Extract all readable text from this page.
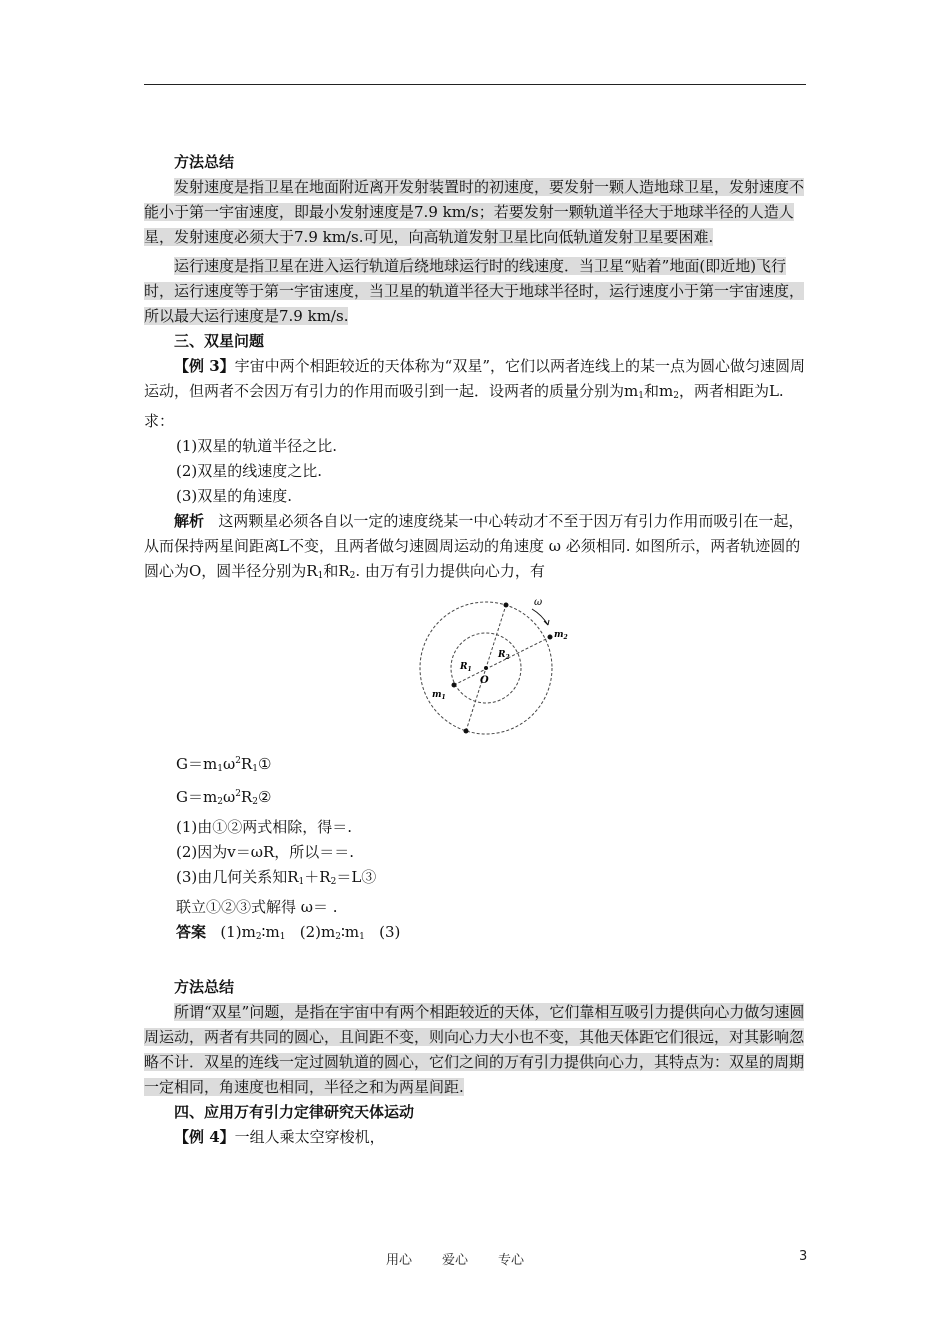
方法总结

发射速度是指卫星在地面附近离开发射装置时的初速度，要发射一颗人造地球卫星，发射速度不能小于第一宇宙速度，即最小发射速度是7.9 km/s；若要发射一颗轨道半径大于地球半径的人造人星，发射速度必须大于7.9 km/s.可见，向高轨道发射卫星比向低轨道发射卫星要困难.

运行速度是指卫星在进入运行轨道后绕地球运行时的线速度．当卫星“贴着”地面(即近地)飞行时，运行速度等于第一宇宙速度，当卫星的轨道半径大于地球半径时，运行速度小于第一宇宙速度，所以最大运行速度是7.9 km/s.

三、双星问题

【例 3】宇宙中两个相距较近的天体称为“双星”，它们以两者连线上的某一点为圆心做匀速圆周运动，但两者不会因万有引力的作用而吸引到一起．设两者的质量分别为$m_1$和$m_2$，两者相距为L.求：

(1)双星的轨道半径之比.

(2)双星的线速度之比.

(3)双星的角速度.

解析 这两颗星必须各自以一定的速度绕某一中心转动才不至于因万有引力作用而吸引在一起，从而保持两星间距离L不变，且两者做匀速圆周运动的角速度 ω 必须相同. 如图所示，两者轨迹圆的圆心为O，圆半径分别为$R_1$和$R_2$. 由万有引力提供向心力，有

ω
$m_2$
$m_1$
$R_1$
$R_2$
O

$G=m_1\omega^2R_1①$

$G=m_2\omega^2R_2②$

(1)由①②两式相除，得＝.

(2)因为v＝ωR，所以＝＝.

(3)由几何关系知$R_1+R_2=L③$

联立①②③式解得 ω＝ .

答案 $(1)m_2∶m_1$ $(2)m_2∶m_1$ (3)

方法总结

所谓“双星”问题，是指在宇宙中有两个相距较近的天体，它们靠相互吸引力提供向心力做匀速圆周运动，两者有共同的圆心，且间距不变，则向心力大小也不变，其他天体距它们很远，对其影响忽略不计．双星的连线一定过圆轨道的圆心，它们之间的万有引力提供向心力，其特点为：双星的周期一定相同，角速度也相同，半径之和为两星间距.

四、应用万有引力定律研究天体运动

【例 4】一组人乘太空穿梭机，

用心 爱心 专心	3
